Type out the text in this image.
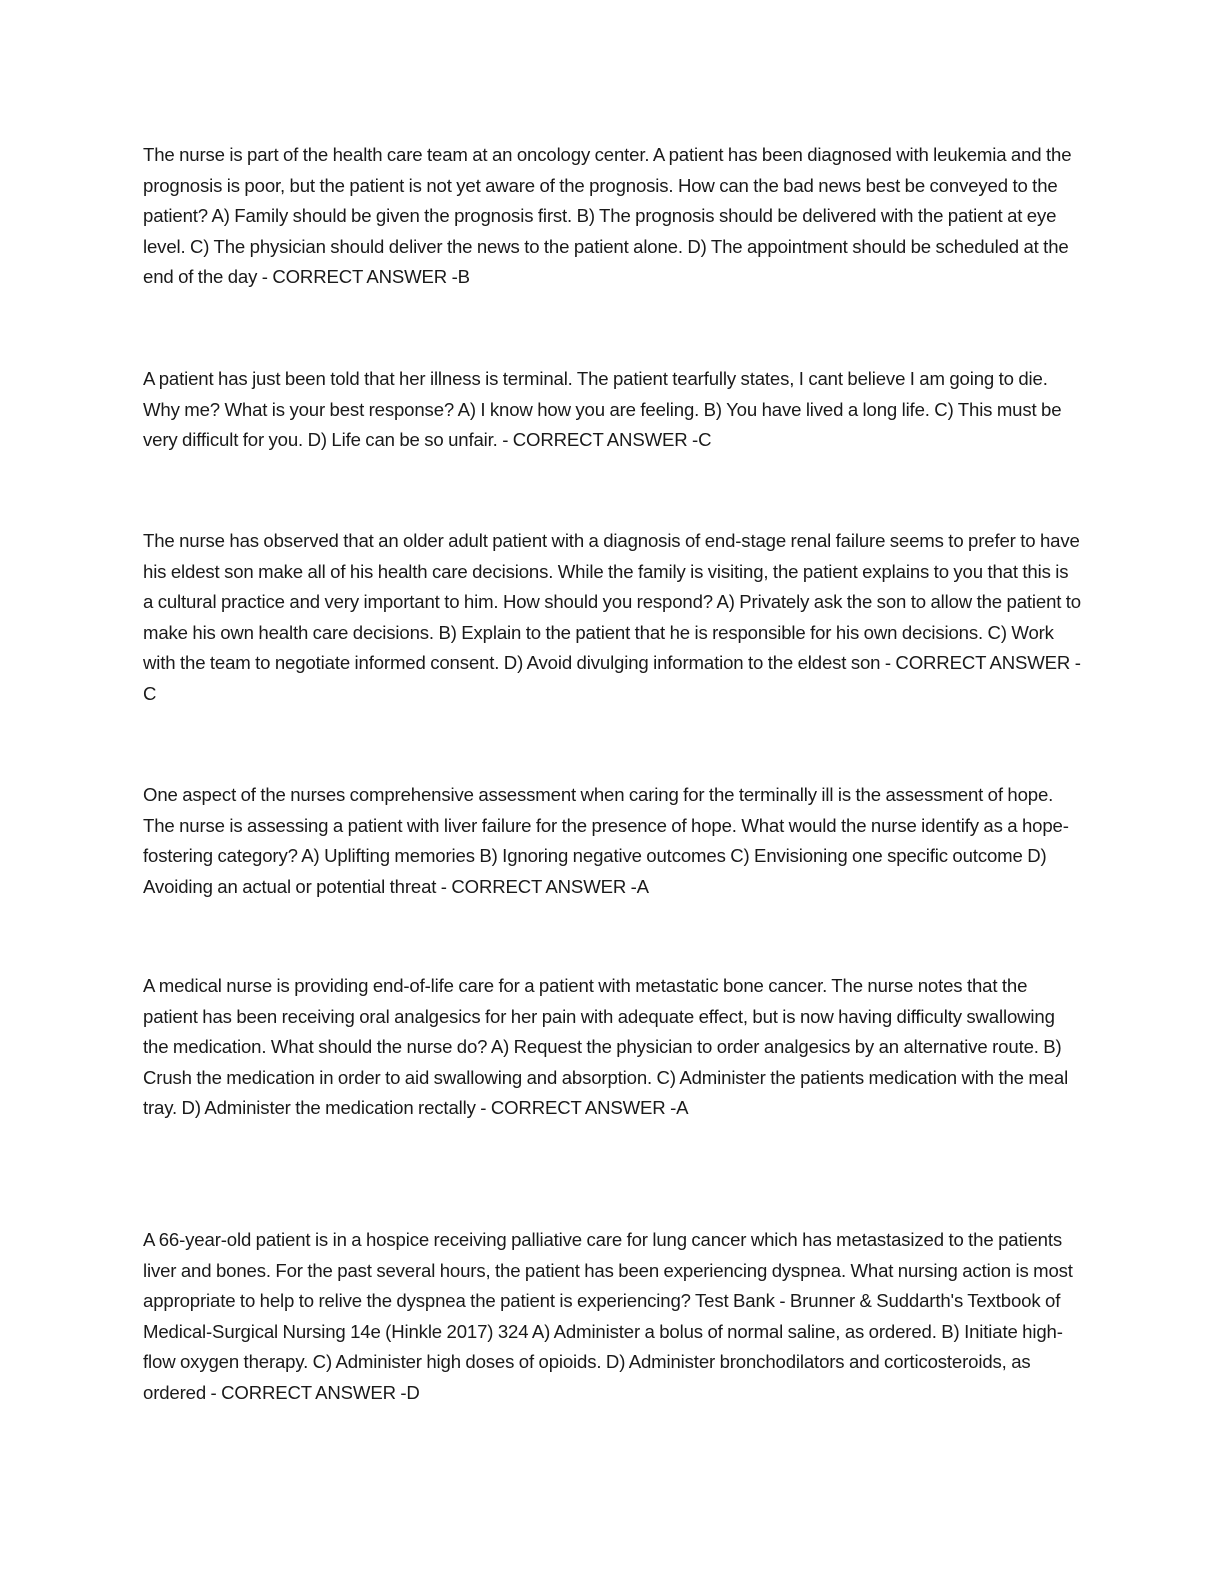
The nurse is part of the health care team at an oncology center. A patient has been diagnosed with leukemia and the prognosis is poor, but the patient is not yet aware of the prognosis. How can the bad news best be conveyed to the patient? A) Family should be given the prognosis first. B) The prognosis should be delivered with the patient at eye level. C) The physician should deliver the news to the patient alone. D) The appointment should be scheduled at the end of the day - CORRECT ANSWER -B

A patient has just been told that her illness is terminal. The patient tearfully states, I cant believe I am going to die. Why me? What is your best response? A) I know how you are feeling. B) You have lived a long life. C) This must be very difficult for you. D) Life can be so unfair. - CORRECT ANSWER -C

The nurse has observed that an older adult patient with a diagnosis of end-stage renal failure seems to prefer to have his eldest son make all of his health care decisions. While the family is visiting, the patient explains to you that this is a cultural practice and very important to him. How should you respond? A) Privately ask the son to allow the patient to make his own health care decisions. B) Explain to the patient that he is responsible for his own decisions. C) Work with the team to negotiate informed consent. D) Avoid divulging information to the eldest son - CORRECT ANSWER -C

One aspect of the nurses comprehensive assessment when caring for the terminally ill is the assessment of hope. The nurse is assessing a patient with liver failure for the presence of hope. What would the nurse identify as a hope-fostering category? A) Uplifting memories B) Ignoring negative outcomes C) Envisioning one specific outcome D) Avoiding an actual or potential threat - CORRECT ANSWER -A

A medical nurse is providing end-of-life care for a patient with metastatic bone cancer. The nurse notes that the patient has been receiving oral analgesics for her pain with adequate effect, but is now having difficulty swallowing the medication. What should the nurse do? A) Request the physician to order analgesics by an alternative route. B) Crush the medication in order to aid swallowing and absorption. C) Administer the patients medication with the meal tray. D) Administer the medication rectally - CORRECT ANSWER -A

A 66-year-old patient is in a hospice receiving palliative care for lung cancer which has metastasized to the patients liver and bones. For the past several hours, the patient has been experiencing dyspnea. What nursing action is most appropriate to help to relive the dyspnea the patient is experiencing? Test Bank - Brunner & Suddarth's Textbook of Medical-Surgical Nursing 14e (Hinkle 2017) 324 A) Administer a bolus of normal saline, as ordered. B) Initiate high-flow oxygen therapy. C) Administer high doses of opioids. D) Administer bronchodilators and corticosteroids, as ordered - CORRECT ANSWER -D
